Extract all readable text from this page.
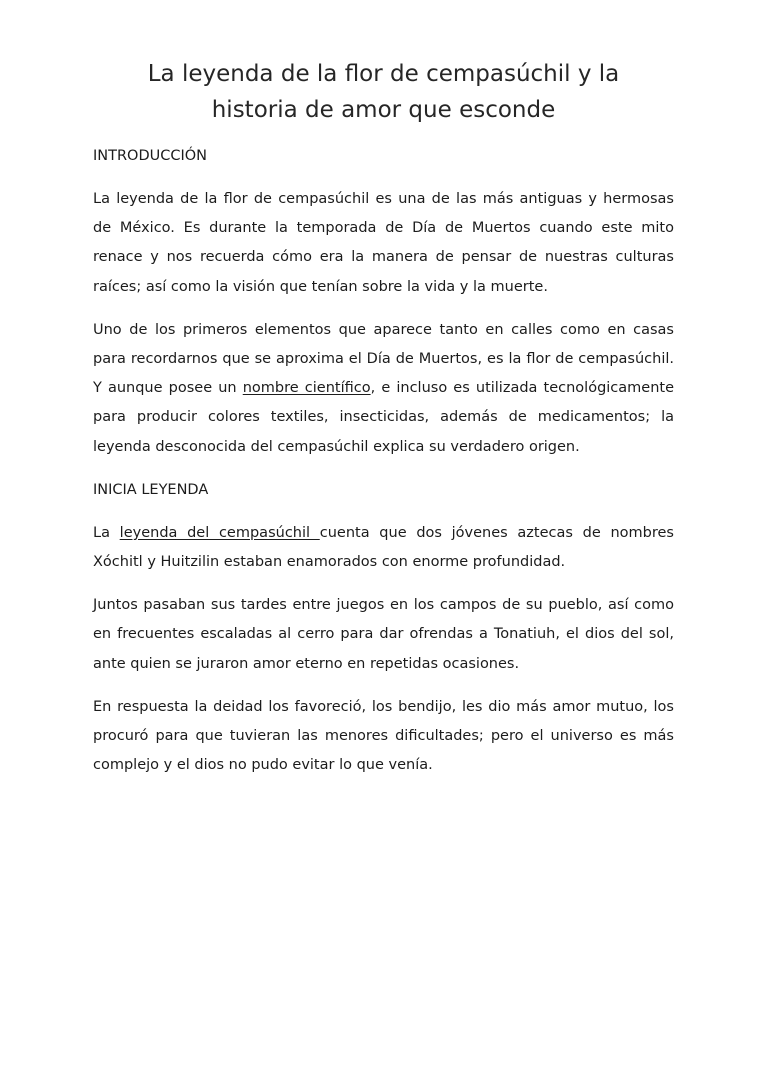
La leyenda de la flor de cempasúchil y la
historia de amor que esconde

INTRODUCCIÓN

La leyenda de la flor de cempasúchil es una de las más antiguas y hermosas de México. Es durante la temporada de Día de Muertos cuando este mito renace y nos recuerda cómo era la manera de pensar de nuestras culturas raíces; así como la visión que tenían sobre la vida y la muerte.

Uno de los primeros elementos que aparece tanto en calles como en casas para recordarnos que se aproxima el Día de Muertos, es la flor de cempasúchil. Y aunque posee un nombre científico, e incluso es utilizada tecnológicamente para producir colores textiles, insecticidas, además de medicamentos; la leyenda desconocida del cempasúchil explica su verdadero origen.

INICIA LEYENDA

La leyenda del cempasúchil cuenta que dos jóvenes aztecas de nombres Xóchitl y Huitzilin estaban enamorados con enorme profundidad.

Juntos pasaban sus tardes entre juegos en los campos de su pueblo, así como en frecuentes escaladas al cerro para dar ofrendas a Tonatiuh, el dios del sol, ante quien se juraron amor eterno en repetidas ocasiones.

En respuesta la deidad los favoreció, los bendijo, les dio más amor mutuo, los procuró para que tuvieran las menores dificultades; pero el universo es más complejo y el dios no pudo evitar lo que venía.
